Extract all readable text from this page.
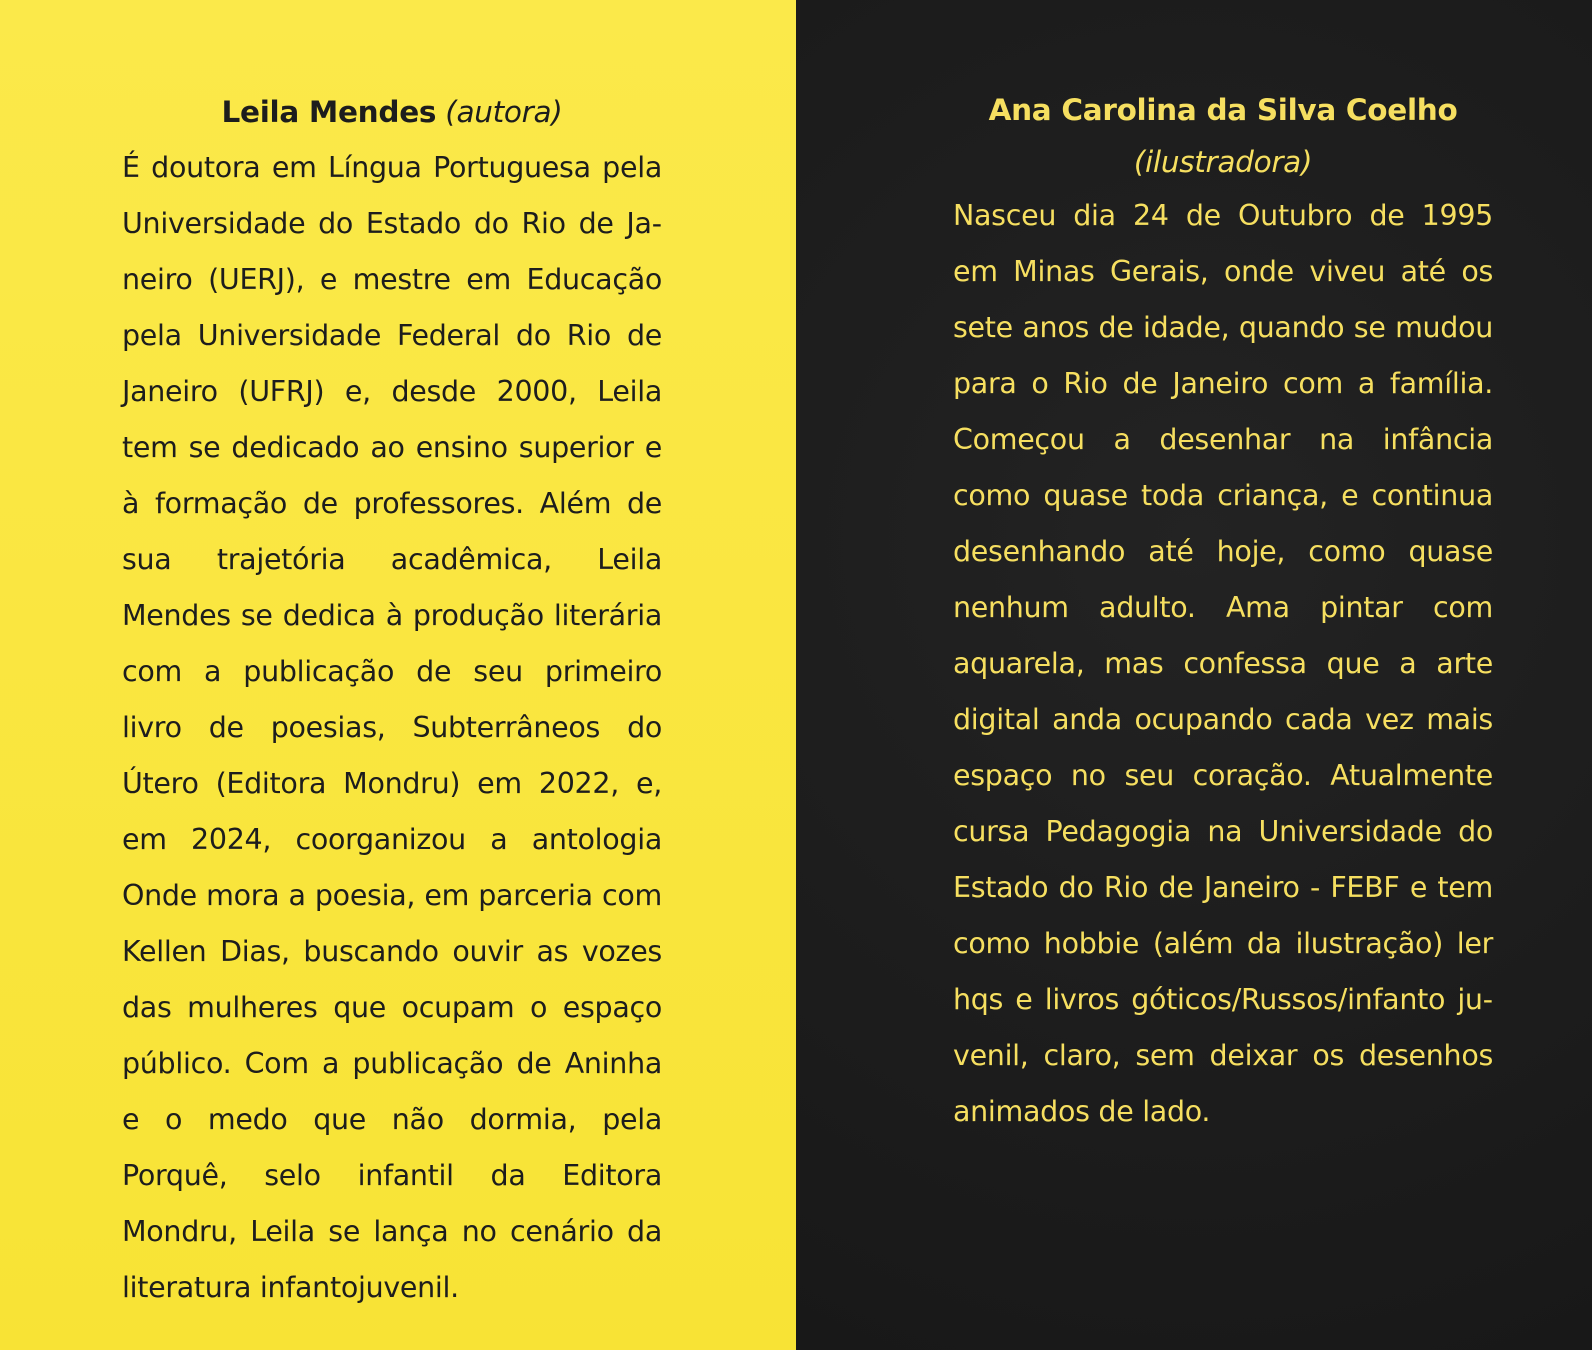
Leila Mendes (autora)

É doutora em Língua Portuguesa pela Universidade do Estado do Rio de Janeiro (UERJ), e mestre em Educação pela Universidade Federal do Rio de Janeiro (UFRJ) e, desde 2000, Leila tem se dedicado ao ensino superior e à formação de professores. Além de sua trajetória acadêmica, Leila Mendes se dedica à produção literária com a publicação de seu primeiro livro de poesias, Subterrâneos do Útero (Editora Mondru) em 2022, e, em 2024, coorganizou a antologia Onde mora a poesia, em parceria com Kellen Dias, buscando ouvir as vozes das mulheres que ocupam o espaço público. Com a publicação de Aninha e o medo que não dormia, pela Porquê, selo infantil da Editora Mondru, Leila se lança no cenário da literatura infantojuvenil.

Ana Carolina da Silva Coelho
(ilustradora)

Nasceu dia 24 de Outubro de 1995 em Minas Gerais, onde viveu até os sete anos de idade, quando se mudou para o Rio de Janeiro com a família. Começou a desenhar na infância como quase toda criança, e continua desenhando até hoje, como quase nenhum adulto. Ama pintar com aquarela, mas confessa que a arte digital anda ocupando cada vez mais espaço no seu coração. Atualmente cursa Pedagogia na Universidade do Estado do Rio de Janeiro - FEBF e tem como hobbie (além da ilustração) ler hqs e livros góticos/Russos/infanto juvenil, claro, sem deixar os desenhos animados de lado.
